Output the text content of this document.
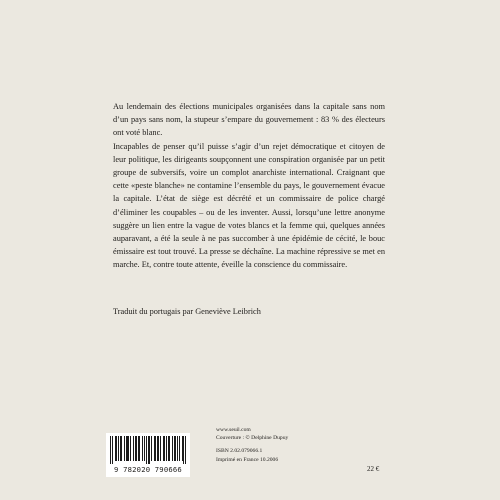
Au lendemain des élections municipales organisées dans la capitale sans nom d’un pays sans nom, la stupeur s’empare du gouvernement : 83 % des électeurs ont voté blanc.

Incapables de penser qu’il puisse s’agir d’un rejet démocratique et citoyen de leur politique, les dirigeants soupçonnent une conspiration organisée par un petit groupe de subversifs, voire un complot anarchiste international. Craignant que cette «peste blanche» ne contamine l’ensemble du pays, le gouvernement évacue la capitale. L’état de siège est décrété et un commissaire de police chargé d’éliminer les coupables – ou de les inventer. Aussi, lorsqu’une lettre anonyme suggère un lien entre la vague de votes blancs et la femme qui, quelques années auparavant, a été la seule à ne pas succomber à une épidémie de cécité, le bouc émissaire est tout trouvé. La presse se déchaîne. La machine répressive se met en marche. Et, contre toute attente, éveille la conscience du commissaire.

Traduit du portugais par Geneviève Leibrich
9 782020 790666
www.seuil.com
Couverture : © Delphine Dupuy
ISBN 2.02.079066.1
Imprimé en France 10.2006
22 €
